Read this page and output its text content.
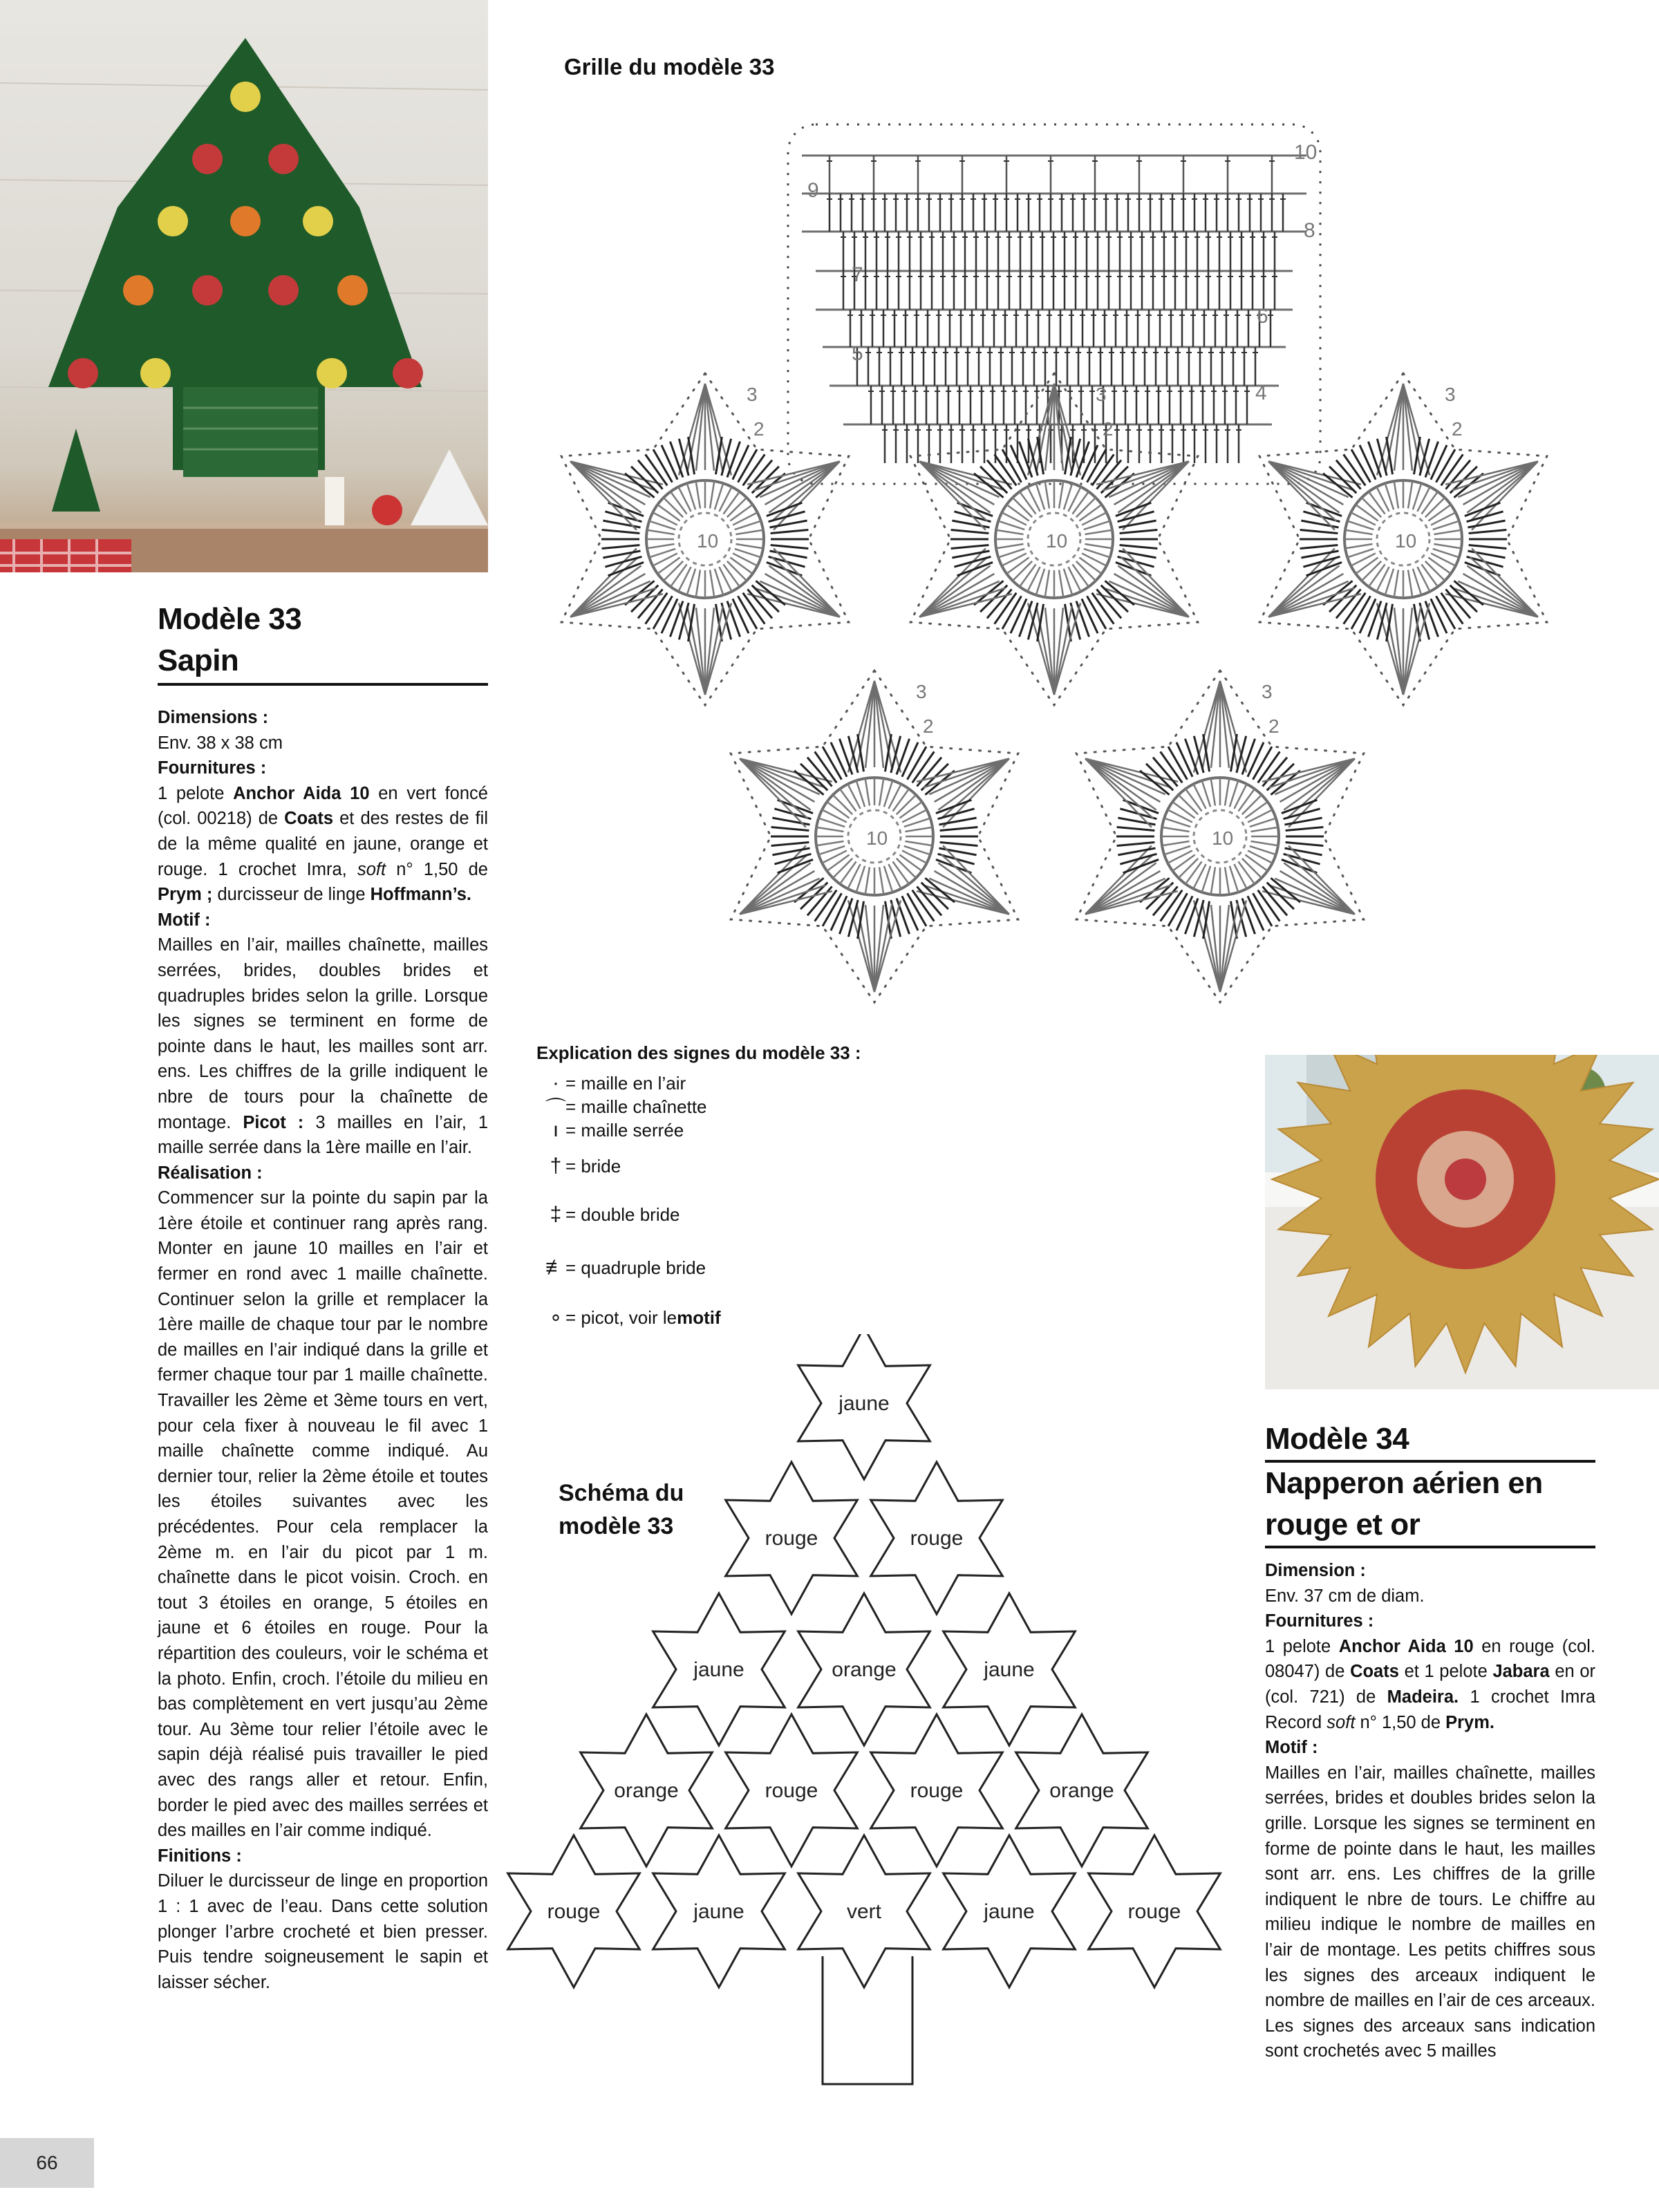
Modèle 33
Sapin

Dimensions :

Env. 38 x 38 cm

Fournitures :

1 pelote Anchor Aida 10 en vert foncé (col. 00218) de Coats et des restes de fil de la même qualité en jaune, orange et rouge. 1 crochet Imra, soft n° 1,50 de Prym ; durcisseur de linge Hoffmann’s.

Motif :

Mailles en l’air, mailles chaînette, mailles serrées, brides, doubles brides et quadruples brides selon la grille. Lorsque les signes se terminent en forme de pointe dans le haut, les mailles sont arr. ens. Les chiffres de la grille indiquent le nbre de tours pour la chaînette de montage. Picot : 3 mailles en l’air, 1 maille serrée dans la 1ère maille en l’air.

Réalisation :

Commencer sur la pointe du sapin par la 1ère étoile et continuer rang après rang. Monter en jaune 10 mailles en l’air et fermer en rond avec 1 maille chaînette. Continuer selon la grille et remplacer la 1ère maille de chaque tour par le nombre de mailles en l’air indiqué dans la grille et fermer chaque tour par 1 maille chaînette. Travailler les 2ème et 3ème tours en vert, pour cela fixer à nouveau le fil avec 1 maille chaînette comme indiqué. Au dernier tour, relier la 2ème étoile et toutes les étoiles suivantes avec les précédentes. Pour cela remplacer la 2ème m. en l’air du picot par 1 m. chaînette dans le picot voisin. Croch. en tout 3 étoiles en orange, 5 étoiles en jaune et 6 étoiles en rouge. Pour la répartition des couleurs, voir le schéma et la photo. Enfin, croch. l’étoile du milieu en bas complètement en vert jusqu’au 2ème tour. Au 3ème tour relier l’étoile avec le sapin déjà réalisé puis travailler le pied avec des rangs aller et retour. Enfin, border le pied avec des mailles serrées et des mailles en l’air comme indiqué.

Finitions :

Diluer le durcisseur de linge en proportion 1 : 1 avec de l’eau. Dans cette solution plonger l’arbre crocheté et bien presser. Puis tendre soigneusement le sapin et laisser sécher.

Grille du modèle 33
10
9
8
7
6
5
4
10
2
3
10
2
3
10
2
3
10
2
3
10
2
3
Explication des signes du modèle 33 :
· = maille en l’air
⌒ = maille chaînette
ı = maille serrée
† = bride
‡ = double bride
≢ = quadruple bride
∘ = picot, voir le motif
Schéma du
modèle 33
jaune
rouge	rouge
jaune	orange	jaune
orange	rouge	rouge	orange
rouge	jaune	vert	jaune	rouge
Modèle 34
Napperon aérien en
rouge et or

Dimension :

Env. 37 cm de diam.

Fournitures :

1 pelote Anchor Aida 10 en rouge (col. 08047) de Coats et 1 pelote Jabara en or (col. 721) de Madeira. 1 crochet Imra Record soft n° 1,50 de Prym.

Motif :

Mailles en l’air, mailles chaînette, mailles serrées, brides et doubles brides selon la grille. Lorsque les signes se terminent en forme de pointe dans le haut, les mailles sont arr. ens. Les chiffres de la grille indiquent le nbre de tours. Le chiffre au milieu indique le nombre de mailles en l’air de montage. Les petits chiffres sous les signes des arceaux indiquent le nombre de mailles en l’air de ces arceaux. Les signes des arceaux sans indication sont crochetés avec 5 mailles

66
